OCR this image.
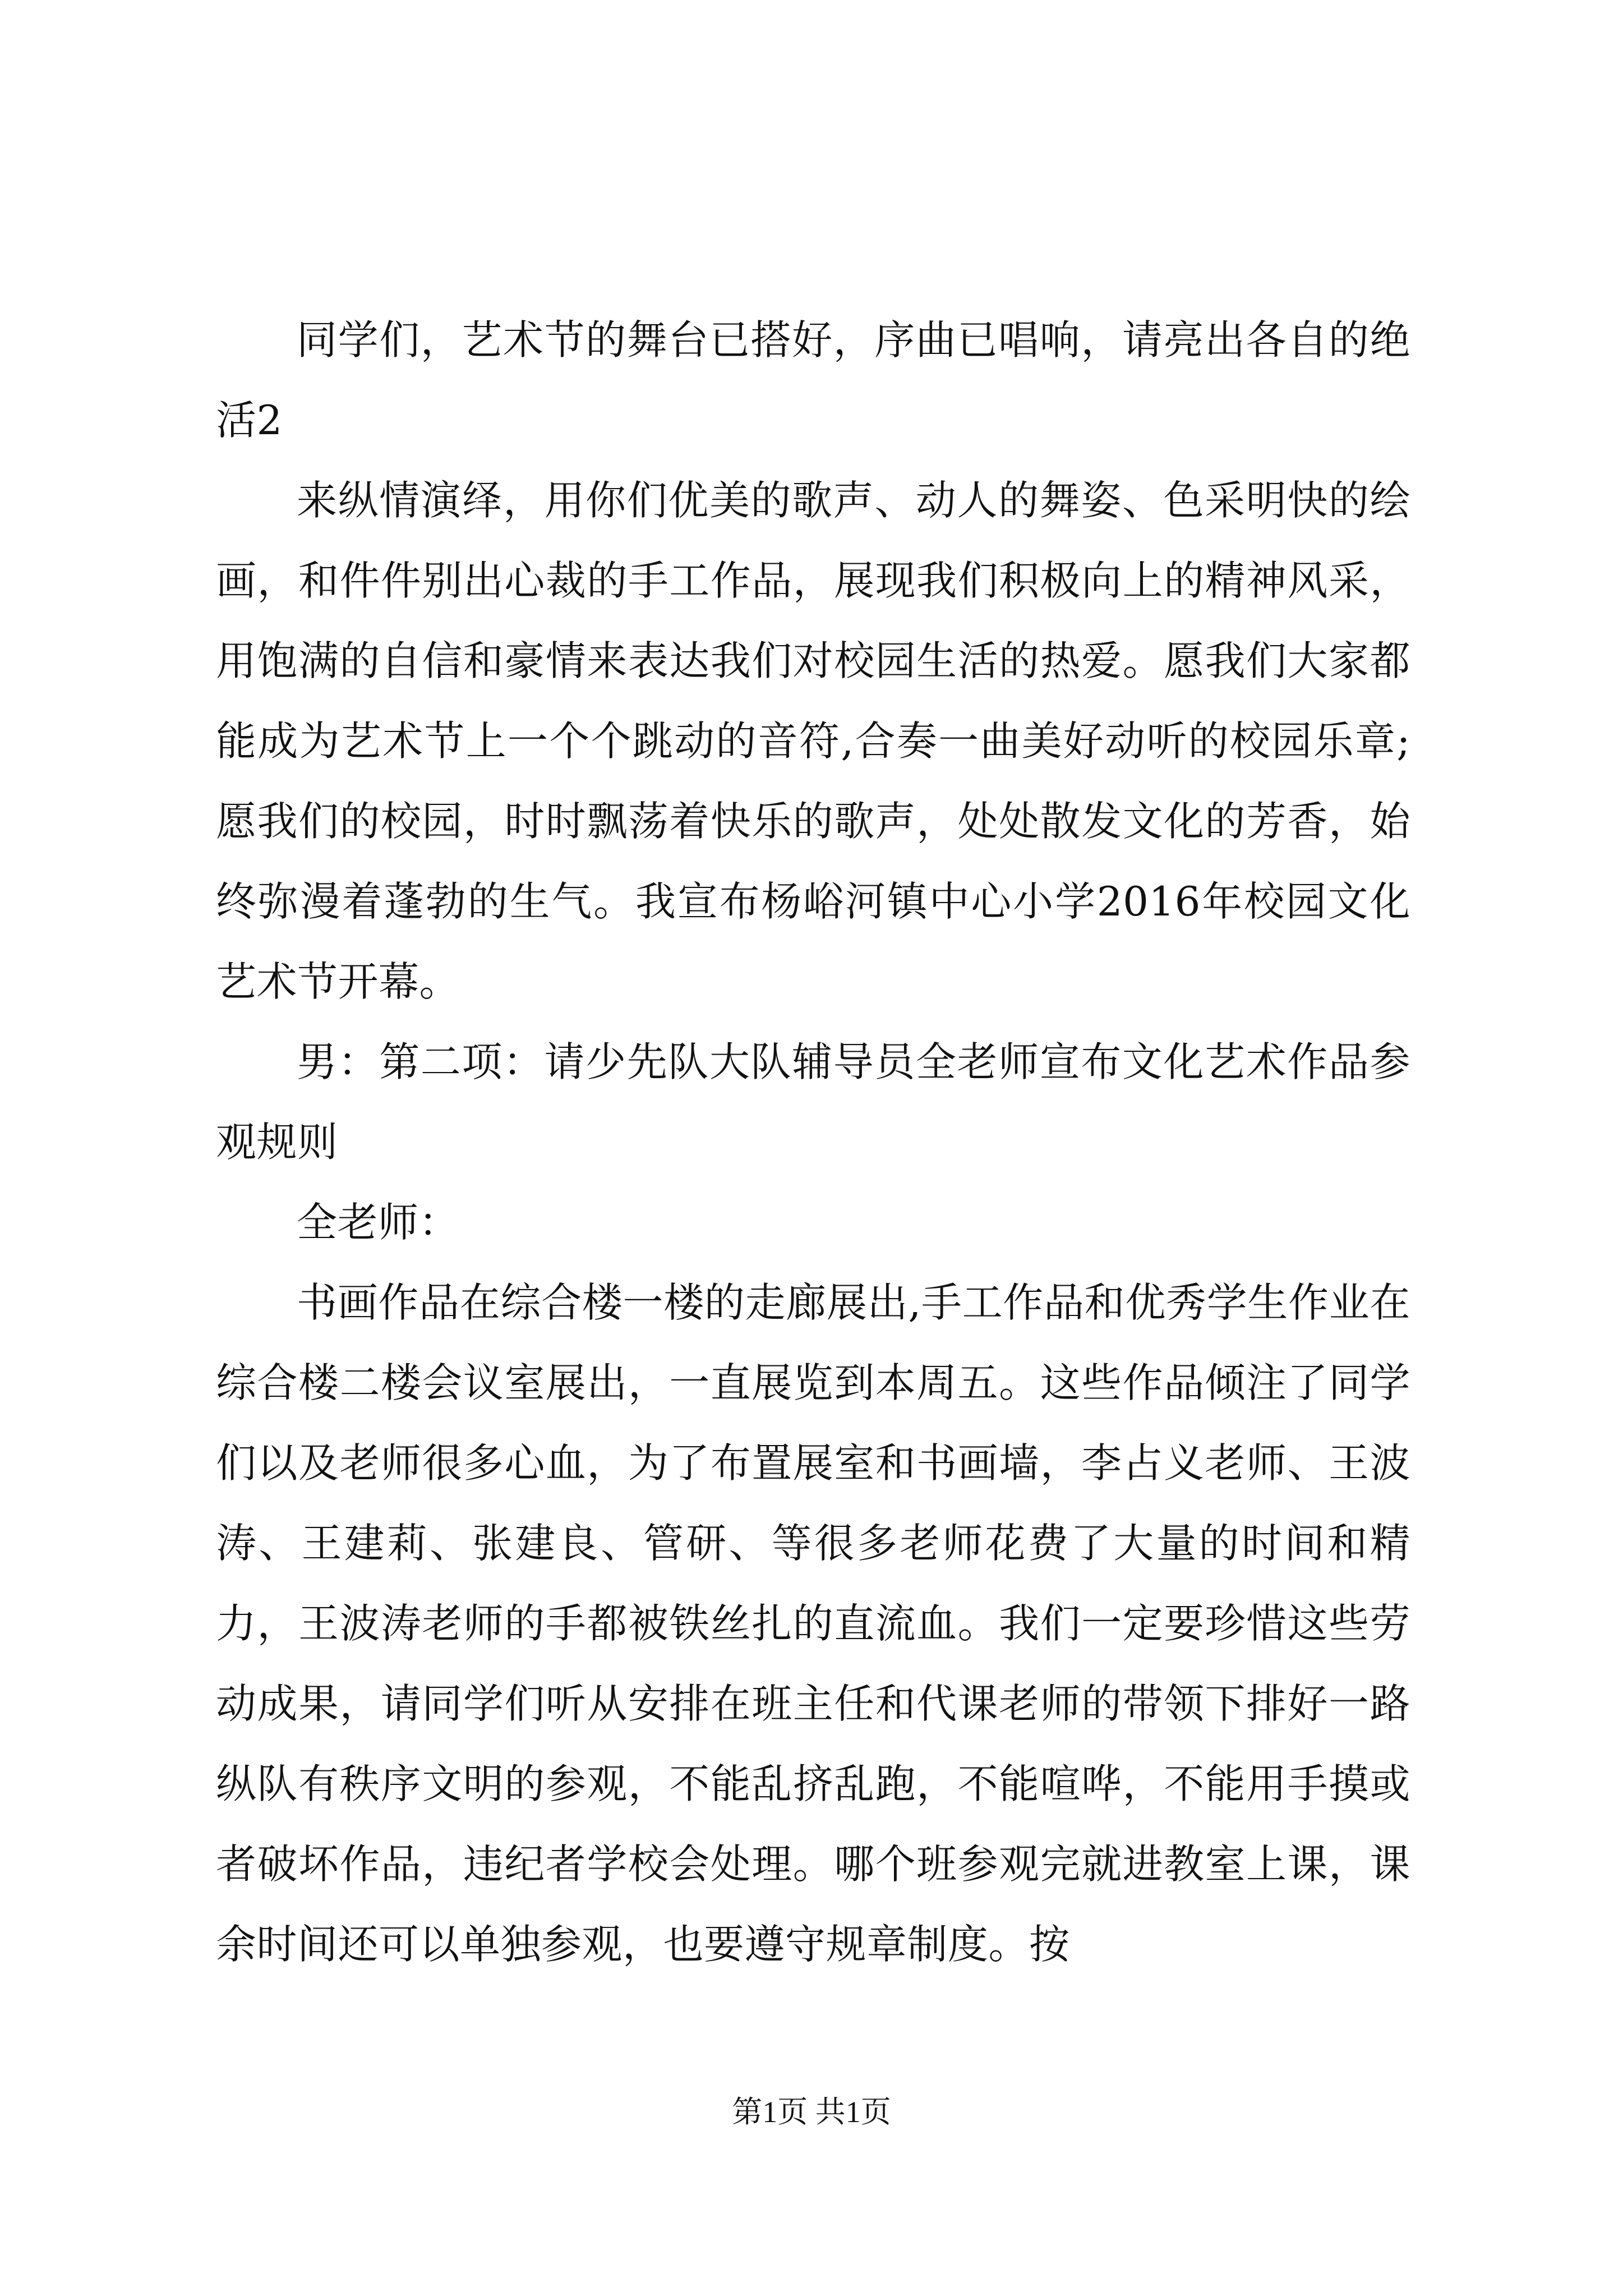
同学们，艺术节的舞台已搭好，序曲已唱响，请亮出各自的绝活2

来纵情演绎，用你们优美的歌声、动人的舞姿、色采明快的绘画，和件件别出心裁的手工作品，展现我们积极向上的精神风采，用饱满的自信和豪情来表达我们对校园生活的热爱。愿我们大家都能成为艺术节上一个个跳动的音符,合奏一曲美好动听的校园乐章;愿我们的校园，时时飘荡着快乐的歌声，处处散发文化的芳香，始终弥漫着蓬勃的生气。我宣布杨峪河镇中心小学2016年校园文化艺术节开幕。

男：第二项：请少先队大队辅导员全老师宣布文化艺术作品参观规则

全老师：

书画作品在综合楼一楼的走廊展出,手工作品和优秀学生作业在综合楼二楼会议室展出，一直展览到本周五。这些作品倾注了同学们以及老师很多心血，为了布置展室和书画墙，李占义老师、王波涛、王建莉、张建良、管研、等很多老师花费了大量的时间和精力，王波涛老师的手都被铁丝扎的直流血。我们一定要珍惜这些劳动成果，请同学们听从安排在班主任和代课老师的带领下排好一路纵队有秩序文明的参观，不能乱挤乱跑，不能喧哗，不能用手摸或者破坏作品，违纪者学校会处理。哪个班参观完就进教室上课，课余时间还可以单独参观，也要遵守规章制度。按

第1页 共1页
